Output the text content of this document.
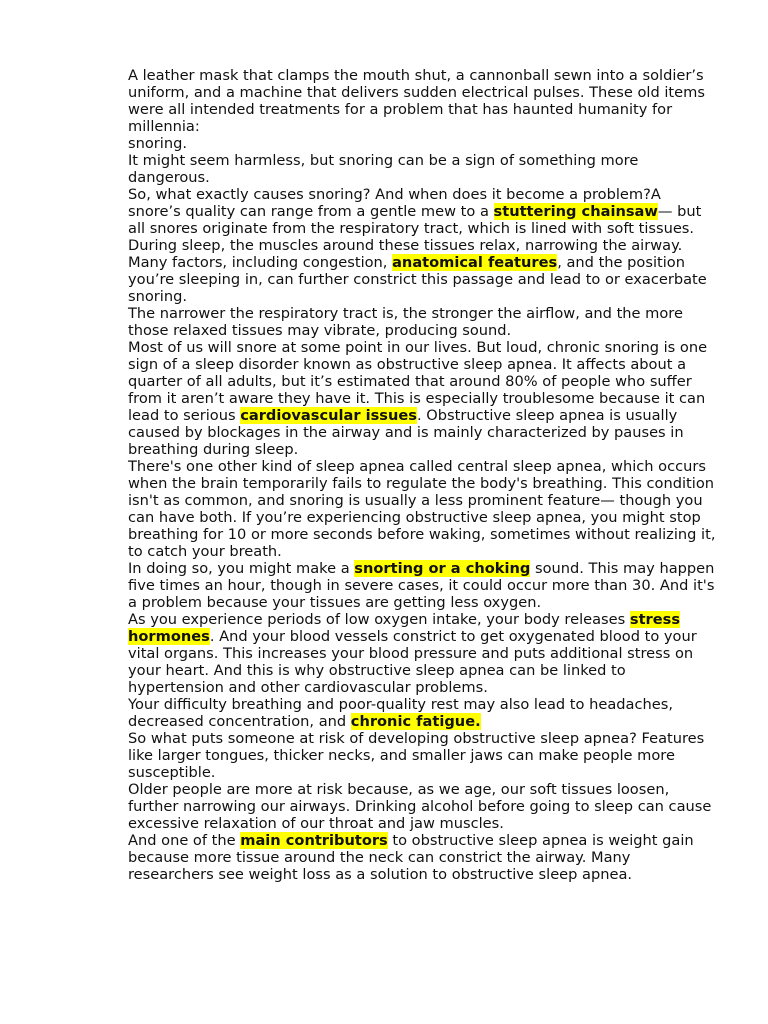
A leather mask that clamps the mouth shut, a cannonball sewn into a soldier’s uniform, and a machine that delivers sudden electrical pulses. These old items were all intended treatments for a problem that has haunted humanity for millennia:

snoring.

It might seem harmless, but snoring can be a sign of something more dangerous.

So, what exactly causes snoring? And when does it become a problem?A snore’s quality can range from a gentle mew to a stuttering chainsaw— but all snores originate from the respiratory tract, which is lined with soft tissues.

During sleep, the muscles around these tissues relax, narrowing the airway.

Many factors, including congestion, anatomical features, and the position you’re sleeping in, can further constrict this passage and lead to or exacerbate snoring.

The narrower the respiratory tract is, the stronger the airflow, and the more those relaxed tissues may vibrate, producing sound.

Most of us will snore at some point in our lives. But loud, chronic snoring is one sign of a sleep disorder known as obstructive sleep apnea. It affects about a quarter of all adults, but it’s estimated that around 80% of people who suffer from it aren’t aware they have it. This is especially troublesome because it can lead to serious cardiovascular issues. Obstructive sleep apnea is usually caused by blockages in the airway and is mainly characterized by pauses in breathing during sleep.

There's one other kind of sleep apnea called central sleep apnea, which occurs when the brain temporarily fails to regulate the body's breathing. This condition isn't as common, and snoring is usually a less prominent feature— though you can have both. If you’re experiencing obstructive sleep apnea, you might stop breathing for 10 or more seconds before waking, sometimes without realizing it, to catch your breath.

In doing so, you might make a snorting or a choking sound. This may happen five times an hour, though in severe cases, it could occur more than 30. And it's a problem because your tissues are getting less oxygen.

As you experience periods of low oxygen intake, your body releases stress hormones. And your blood vessels constrict to get oxygenated blood to your vital organs. This increases your blood pressure and puts additional stress on your heart. And this is why obstructive sleep apnea can be linked to hypertension and other cardiovascular problems.

Your difficulty breathing and poor-quality rest may also lead to headaches, decreased concentration, and chronic fatigue.

So what puts someone at risk of developing obstructive sleep apnea? Features like larger tongues, thicker necks, and smaller jaws can make people more susceptible.

Older people are more at risk because, as we age, our soft tissues loosen, further narrowing our airways. Drinking alcohol before going to sleep can cause excessive relaxation of our throat and jaw muscles.

And one of the main contributors to obstructive sleep apnea is weight gain

because more tissue around the neck can constrict the airway. Many researchers see weight loss as a solution to obstructive sleep apnea.
